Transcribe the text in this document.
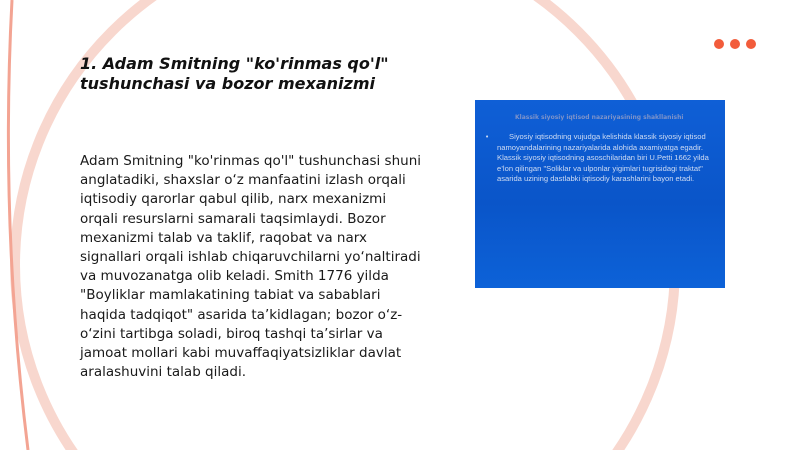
1. Adam Smitning "ko'rinmas qo'l" tushunchasi va bozor mexanizmi

Adam Smitning "ko'rinmas qo'l" tushunchasi shuni anglatadiki, shaxslar o‘z manfaatini izlash orqali iqtisodiy qarorlar qabul qilib, narx mexanizmi orqali resurslarni samarali taqsimlaydi. Bozor mexanizmi talab va taklif, raqobat va narx signallari orqali ishlab chiqaruvchilarni yo‘naltiradi va muvozanatga olib keladi. Smith 1776 yilda "Boyliklar mamlakatining tabiat va sabablari haqida tadqiqot" asarida ta’kidlagan; bozor o‘z-o‘zini tartibga soladi, biroq tashqi ta’sirlar va jamoat mollari kabi muvaffaqiyatsizliklar davlat aralashuvini talab qiladi.

Klassik siyosiy iqtisod nazariyasining shakllanishi
•	Siyosiy iqtisodning vujudga kelishida klassik siyosiy iqtisod namoyandalarining nazariyalarida alohida axamiyatga egadir. Klassik siyosiy iqtisodning asoschilaridan biri U.Petti 1662 yilda e’lon qilingan "Soliklar va ulponlar yigimlari tugrisidagi traktat" asarida uzining dastlabki iqtisodiy karashlarini bayon etadi.
